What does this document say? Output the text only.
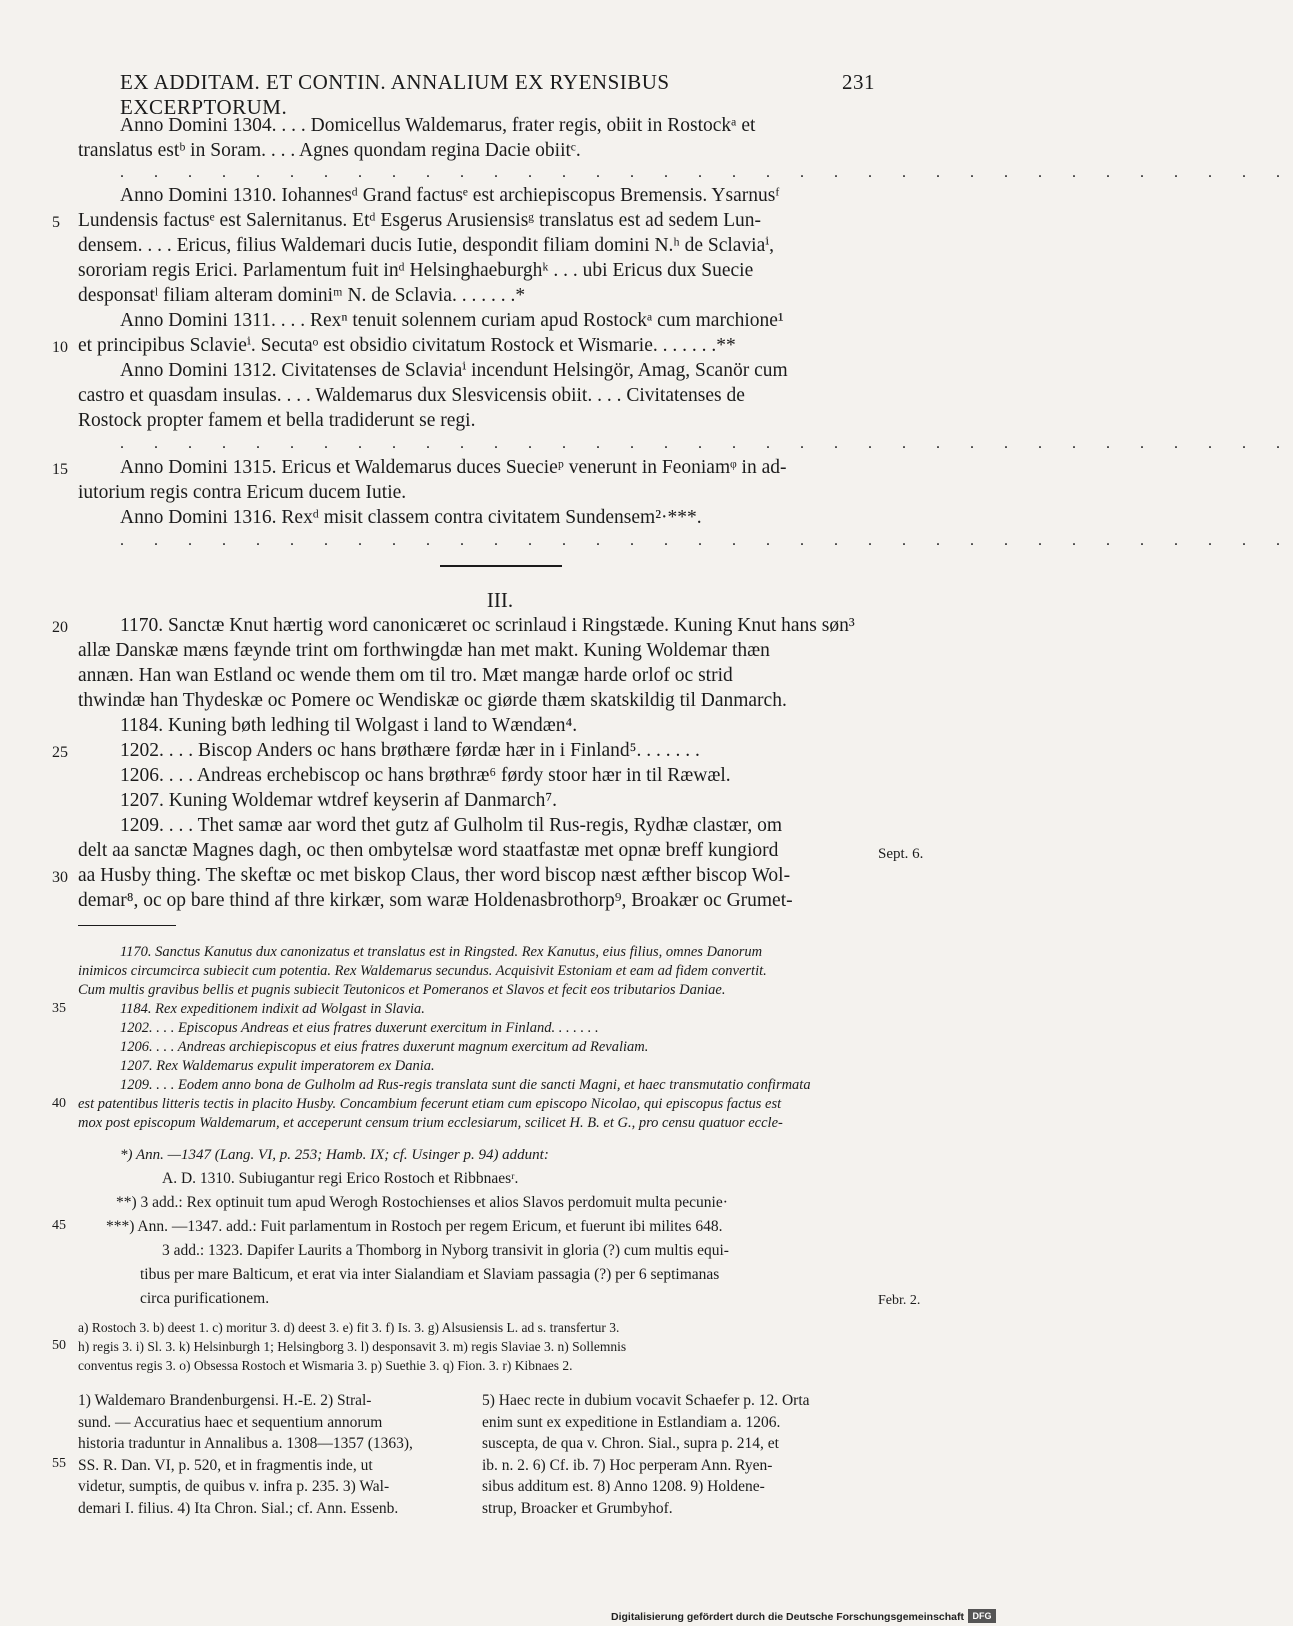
EX ADDITAM. ET CONTIN. ANNALIUM EX RYENSIBUS EXCERPTORUM.
231
Anno Domini 1304. . . . Domicellus Waldemarus, frater regis, obiit in Rostockᵃ et
translatus estᵇ in Soram. . . . Agnes quondam regina Dacie obiitᶜ.
. . . . . . . . . . . . . . . . . . . . . . . . . . . . . . . . . . .
Anno Domini 1310. Iohannesᵈ Grand factusᵉ est archiepiscopus Bremensis. Ysarnusᶠ
Lundensis factusᵉ est Salernitanus. Etᵈ Esgerus Arusiensisᵍ translatus est ad sedem Lun-
densem. . . . Ericus, filius Waldemari ducis Iutie, despondit filiam domini N.ʰ de Sclaviaⁱ,
sororiam regis Erici. Parlamentum fuit inᵈ Helsinghaeburghᵏ . . . ubi Ericus dux Suecie
desponsatˡ filiam alteram dominiᵐ N. de Sclavia. . . . . . .*
Anno Domini 1311. . . . Rexⁿ tenuit solennem curiam apud Rostockᵃ cum marchione¹
et principibus Sclavieⁱ. Secutaᵒ est obsidio civitatum Rostock et Wismarie. . . . . . .**
Anno Domini 1312. Civitatenses de Sclaviaⁱ incendunt Helsingör, Amag, Scanör cum
castro et quasdam insulas. . . . Waldemarus dux Slesvicensis obiit. . . . Civitatenses de
Rostock propter famem et bella tradiderunt se regi.
. . . . . . . . . . . . . . . . . . . . . . . . . . . . . . . . . . .
Anno Domini 1315. Ericus et Waldemarus duces Suecieᵖ venerunt in Feoniamᵠ in ad-
iutorium regis contra Ericum ducem Iutie.
Anno Domini 1316. Rexᵈ misit classem contra civitatem Sundensem²·***.
. . . . . . . . . . . . . . . . . . . . . . . . . . . . . . . . . . .
5
10
15
III.
1170. Sanctæ Knut hærtig word canonicæret oc scrinlaud i Ringstæde. Kuning Knut hans søn³
allæ Danskæ mæns fæynde trint om forthwingdæ han met makt. Kuning Woldemar thæn
annæn. Han wan Estland oc wende them om til tro. Mæt mangæ harde orlof oc strid
thwindæ han Thydeskæ oc Pomere oc Wendiskæ oc giørde thæm skatskildig til Danmarch.
1184. Kuning bøth ledhing til Wolgast i land to Wændæn⁴.
1202. . . . Biscop Anders oc hans brøthære førdæ hær in i Finland⁵. . . . . . .
1206. . . . Andreas erchebiscop oc hans brøthræ⁶ førdy stoor hær in til Ræwæl.
1207. Kuning Woldemar wtdref keyserin af Danmarch⁷.
1209. . . . Thet samæ aar word thet gutz af Gulholm til Rus-regis, Rydhæ clastær, om
delt aa sanctæ Magnes dagh, oc then ombytelsæ word staatfastæ met opnæ breff kungiord
aa Husby thing. The skeftæ oc met biskop Claus, ther word biscop næst æfther biscop Wol-
demar⁸, oc op bare thind af thre kirkær, som waræ Holdenasbrothorp⁹, Broakær oc Grumet-
20
25
30
Sept. 6.
1170. Sanctus Kanutus dux canonizatus et translatus est in Ringsted. Rex Kanutus, eius filius, omnes Danorum
inimicos circumcirca subiecit cum potentia. Rex Waldemarus secundus. Acquisivit Estoniam et eam ad fidem convertit.
Cum multis gravibus bellis et pugnis subiecit Teutonicos et Pomeranos et Slavos et fecit eos tributarios Daniae.
1184. Rex expeditionem indixit ad Wolgast in Slavia.
1202. . . . Episcopus Andreas et eius fratres duxerunt exercitum in Finland. . . . . . .
1206. . . . Andreas archiepiscopus et eius fratres duxerunt magnum exercitum ad Revaliam.
1207. Rex Waldemarus expulit imperatorem ex Dania.
1209. . . . Eodem anno bona de Gulholm ad Rus-regis translata sunt die sancti Magni, et haec transmutatio confirmata
est patentibus litteris tectis in placito Husby. Concambium fecerunt etiam cum episcopo Nicolao, qui episcopus factus est
mox post episcopum Waldemarum, et acceperunt censum trium ecclesiarum, scilicet H. B. et G., pro censu quatuor eccle-
35
40
*) Ann. —1347 (Lang. VI, p. 253; Hamb. IX; cf. Usinger p. 94) addunt:
A. D. 1310. Subiugantur regi Erico Rostoch et Ribbnaesʳ.
**) 3 add.: Rex optinuit tum apud Werogh Rostochienses et alios Slavos perdomuit multa pecunie·
***) Ann. —1347. add.: Fuit parlamentum in Rostoch per regem Ericum, et fuerunt ibi milites 648.
3 add.: 1323. Dapifer Laurits a Thomborg in Nyborg transivit in gloria (?) cum multis equi-
tibus per mare Balticum, et erat via inter Sialandiam et Slaviam passagia (?) per 6 septimanas
circa purificationem.
45
Febr. 2.
a) Rostoch 3. b) deest 1. c) moritur 3. d) deest 3. e) fit 3. f) Is. 3. g) Alsusiensis L. ad s. transfertur 3.
h) regis 3. i) Sl. 3. k) Helsinburgh 1; Helsingborg 3. l) desponsavit 3. m) regis Slaviae 3. n) Sollemnis
conventus regis 3. o) Obsessa Rostoch et Wismaria 3. p) Suethie 3. q) Fion. 3. r) Kibnaes 2.
50
1) Waldemaro Brandenburgensi. H.-E. 2) Stral-
sund. — Accuratius haec et sequentium annorum
historia traduntur in Annalibus a. 1308—1357 (1363),
SS. R. Dan. VI, p. 520, et in fragmentis inde, ut
videtur, sumptis, de quibus v. infra p. 235. 3) Wal-
demari I. filius. 4) Ita Chron. Sial.; cf. Ann. Essenb.
5) Haec recte in dubium vocavit Schaefer p. 12. Orta
enim sunt ex expeditione in Estlandiam a. 1206.
suscepta, de qua v. Chron. Sial., supra p. 214, et
ib. n. 2. 6) Cf. ib. 7) Hoc perperam Ann. Ryen-
sibus additum est. 8) Anno 1208. 9) Holdene-
strup, Broacker et Grumbyhof.
55
Digitalisierung gefördert durch die Deutsche Forschungsgemeinschaft DFG
